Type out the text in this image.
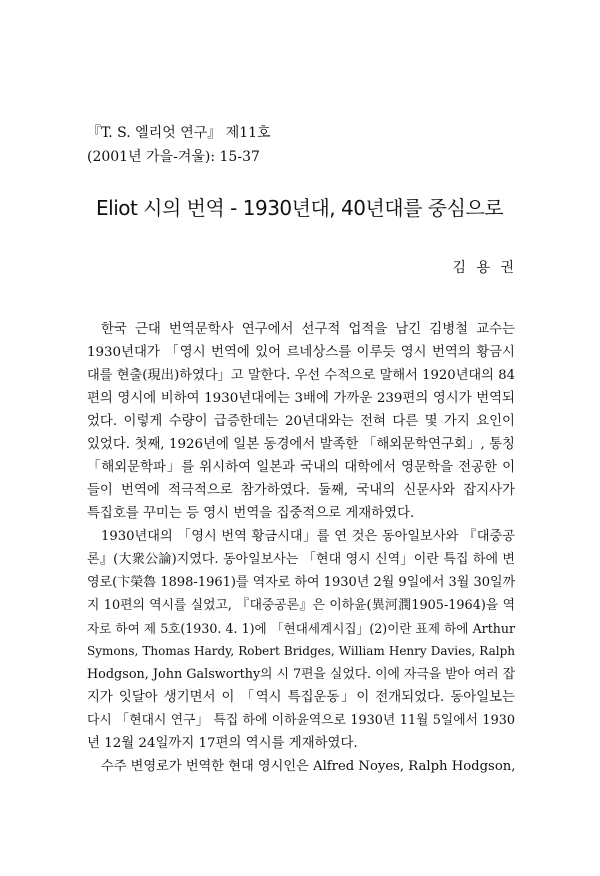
『T. S. 엘리엇 연구』 제11호
(2001년 가을-겨울): 15-37
Eliot 시의 번역 - 1930년대, 40년대를 중심으로
김 용 권
한국 근대 번역문학사 연구에서 선구적 업적을 남긴 김병철 교수는
1930년대가 「영시 번역에 있어 르네상스를 이루듯 영시 번역의 황금시
대를 현출(現出)하였다」고 말한다. 우선 수적으로 말해서 1920년대의 84
편의 영시에 비하여 1930년대에는 3배에 가까운 239편의 영시가 번역되
었다. 이렇게 수량이 급증한데는 20년대와는 전혀 다른 몇 가지 요인이
있었다. 첫째, 1926년에 일본 동경에서 발족한 「해외문학연구회」, 통칭
「해외문학파」를 위시하여 일본과 국내의 대학에서 영문학을 전공한 이
들이 번역에 적극적으로 참가하였다. 둘째, 국내의 신문사와 잡지사가
특집호를 꾸미는 등 영시 번역을 집중적으로 게재하였다.
1930년대의 「영시 번역 황금시대」를 연 것은 동아일보사와 『대중공
론』(大衆公論)지였다. 동아일보사는 「현대 영시 신역」이란 특집 하에 변
영로(卞榮魯 1898-1961)를 역자로 하여 1930년 2월 9일에서 3월 30일까
지 10편의 역시를 실었고, 『대중공론』은 이하윤(異河潤1905-1964)을 역
자로 하여 제 5호(1930. 4. 1)에 「현대세계시집」(2)이란 표제 하에 Arthur
Symons, Thomas Hardy, Robert Bridges, William Henry Davies, Ralph
Hodgson, John Galsworthy의 시 7편을 실었다. 이에 자극을 받아 여러 잡
지가 잇달아 생기면서 이 「역시 특집운동」이 전개되었다. 동아일보는
다시 「현대시 연구」 특집 하에 이하윤역으로 1930년 11월 5일에서 1930
년 12월 24일까지 17편의 역시를 게재하였다.
수주 변영로가 번역한 현대 영시인은 Alfred Noyes, Ralph Hodgson,
